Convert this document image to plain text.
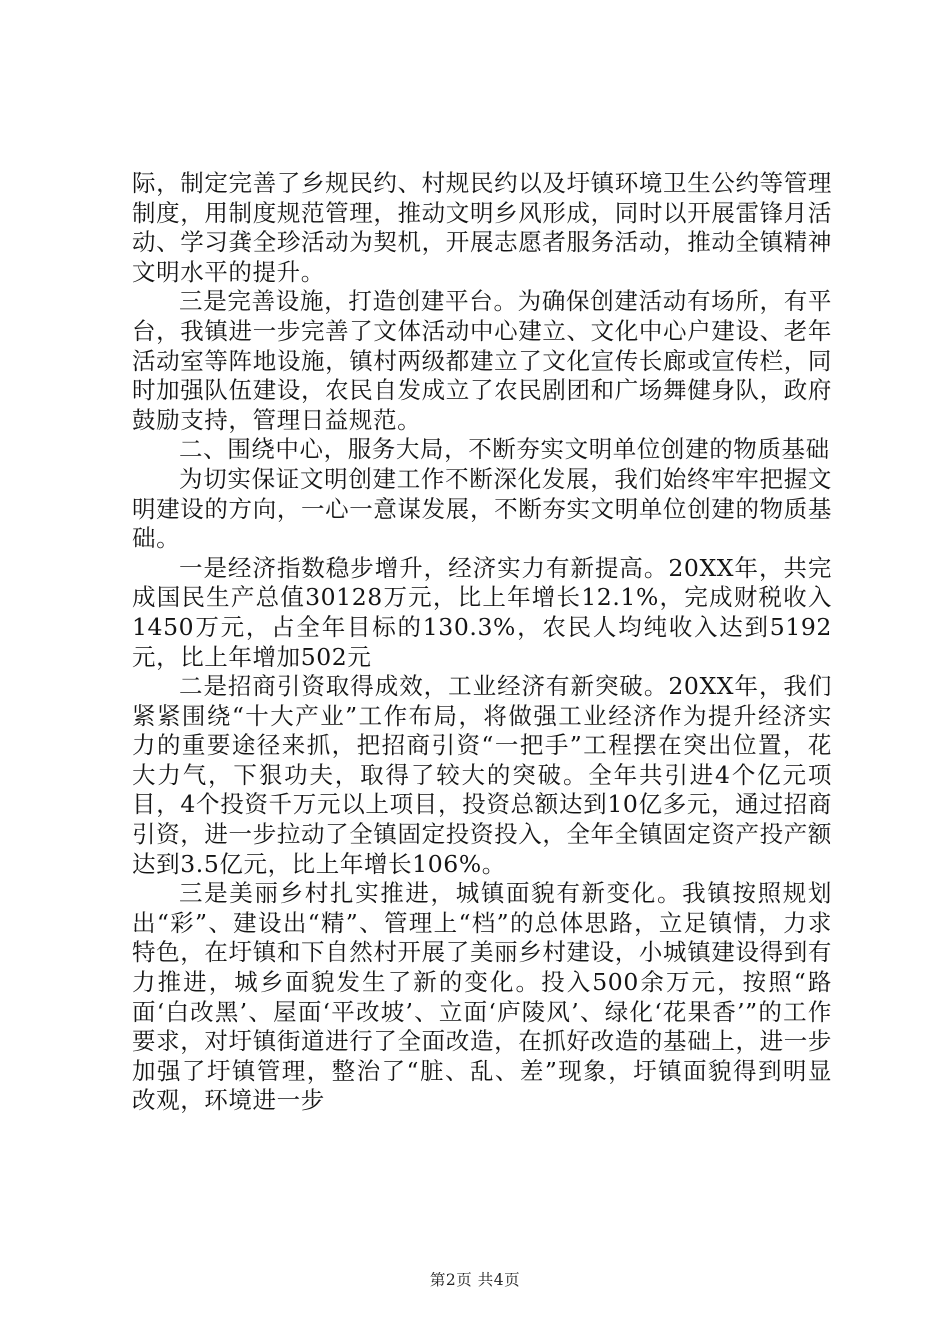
际，制定完善了乡规民约、村规民约以及圩镇环境卫生公约等管理制度，用制度规范管理，推动文明乡风形成，同时以开展雷锋月活动、学习龚全珍活动为契机，开展志愿者服务活动，推动全镇精神文明水平的提升。

三是完善设施，打造创建平台。为确保创建活动有场所，有平台，我镇进一步完善了文体活动中心建立、文化中心户建设、老年活动室等阵地设施，镇村两级都建立了文化宣传长廊或宣传栏，同时加强队伍建设，农民自发成立了农民剧团和广场舞健身队，政府鼓励支持，管理日益规范。

二、围绕中心，服务大局，不断夯实文明单位创建的物质基础

为切实保证文明创建工作不断深化发展，我们始终牢牢把握文明建设的方向，一心一意谋发展，不断夯实文明单位创建的物质基础。

一是经济指数稳步增升，经济实力有新提高。20XX年，共完成国民生产总值30128万元，比上年增长12.1%，完成财税收入1450万元，占全年目标的130.3%，农民人均纯收入达到5192元，比上年增加502元

二是招商引资取得成效，工业经济有新突破。20XX年，我们紧紧围绕“十大产业”工作布局，将做强工业经济作为提升经济实力的重要途径来抓，把招商引资“一把手”工程摆在突出位置，花大力气，下狠功夫，取得了较大的突破。全年共引进4个亿元项目，4个投资千万元以上项目，投资总额达到10亿多元，通过招商引资，进一步拉动了全镇固定投资投入，全年全镇固定资产投产额达到3.5亿元，比上年增长106%。

三是美丽乡村扎实推进，城镇面貌有新变化。我镇按照规划出“彩”、建设出“精”、管理上“档”的总体思路，立足镇情，力求特色，在圩镇和下自然村开展了美丽乡村建设，小城镇建设得到有力推进，城乡面貌发生了新的变化。投入500余万元，按照“路面‘白改黑’、屋面‘平改坡’、立面‘庐陵风’、绿化‘花果香’”的工作要求，对圩镇街道进行了全面改造，在抓好改造的基础上，进一步加强了圩镇管理，整治了“脏、乱、差”现象，圩镇面貌得到明显改观，环境进一步

第2页 共4页
